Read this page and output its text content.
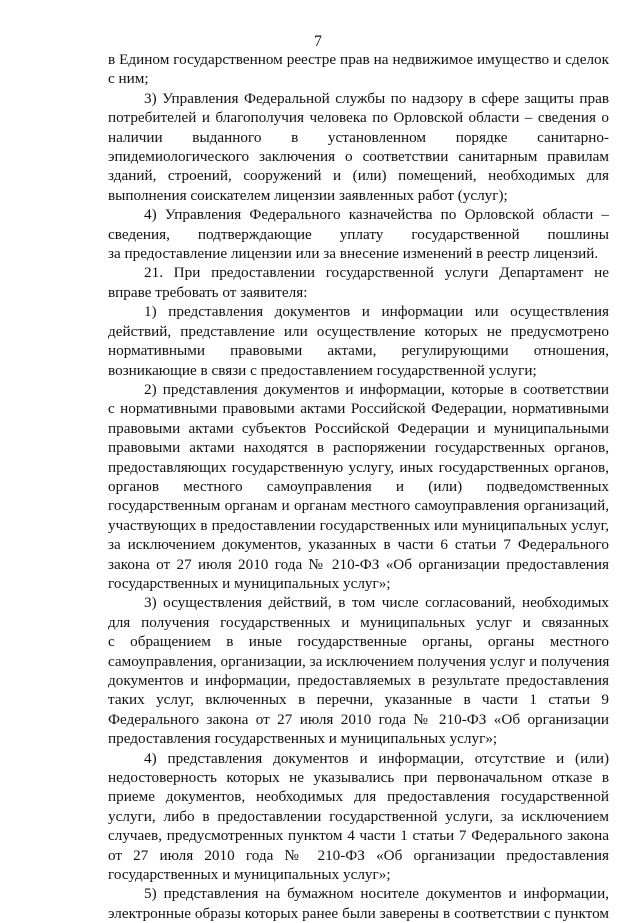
7
в Едином государственном реестре прав на недвижимое имущество и сделок
с ним;
3) Управления Федеральной службы по надзору в сфере защиты прав
потребителей и благополучия человека по Орловской области – сведения о
наличии выданного в установленном порядке санитарно-
эпидемиологического заключения о соответствии санитарным правилам
зданий, строений, сооружений и (или) помещений, необходимых для
выполнения соискателем лицензии заявленных работ (услуг);
4) Управления Федерального казначейства по Орловской области –
сведения, подтверждающие уплату государственной пошлины
за предоставление лицензии или за внесение изменений в реестр лицензий.
21. При предоставлении государственной услуги Департамент не
вправе требовать от заявителя:
1) представления документов и информации или осуществления
действий, представление или осуществление которых не предусмотрено
нормативными правовыми актами, регулирующими отношения,
возникающие в связи с предоставлением государственной услуги;
2) представления документов и информации, которые в соответствии
с нормативными правовыми актами Российской Федерации, нормативными
правовыми актами субъектов Российской Федерации и муниципальными
правовыми актами находятся в распоряжении государственных органов,
предоставляющих государственную услугу, иных государственных органов,
органов местного самоуправления и (или) подведомственных
государственным органам и органам местного самоуправления организаций,
участвующих в предоставлении государственных или муниципальных услуг,
за исключением документов, указанных в части 6 статьи 7 Федерального
закона от 27 июля 2010 года № 210-ФЗ «Об организации предоставления
государственных и муниципальных услуг»;
3) осуществления действий, в том числе согласований, необходимых
для получения государственных и муниципальных услуг и связанных
с обращением в иные государственные органы, органы местного
самоуправления, организации, за исключением получения услуг и получения
документов и информации, предоставляемых в результате предоставления
таких услуг, включенных в перечни, указанные в части 1 статьи 9
Федерального закона от 27 июля 2010 года № 210-ФЗ «Об организации
предоставления государственных и муниципальных услуг»;
4) представления документов и информации, отсутствие и (или)
недостоверность которых не указывались при первоначальном отказе в
приеме документов, необходимых для предоставления государственной
услуги, либо в предоставлении государственной услуги, за исключением
случаев, предусмотренных пунктом 4 части 1 статьи 7 Федерального закона
от 27 июля 2010 года № 210-ФЗ «Об организации предоставления
государственных и муниципальных услуг»;
5) представления на бумажном носителе документов и информации,
электронные образы которых ранее были заверены в соответствии с пунктом
